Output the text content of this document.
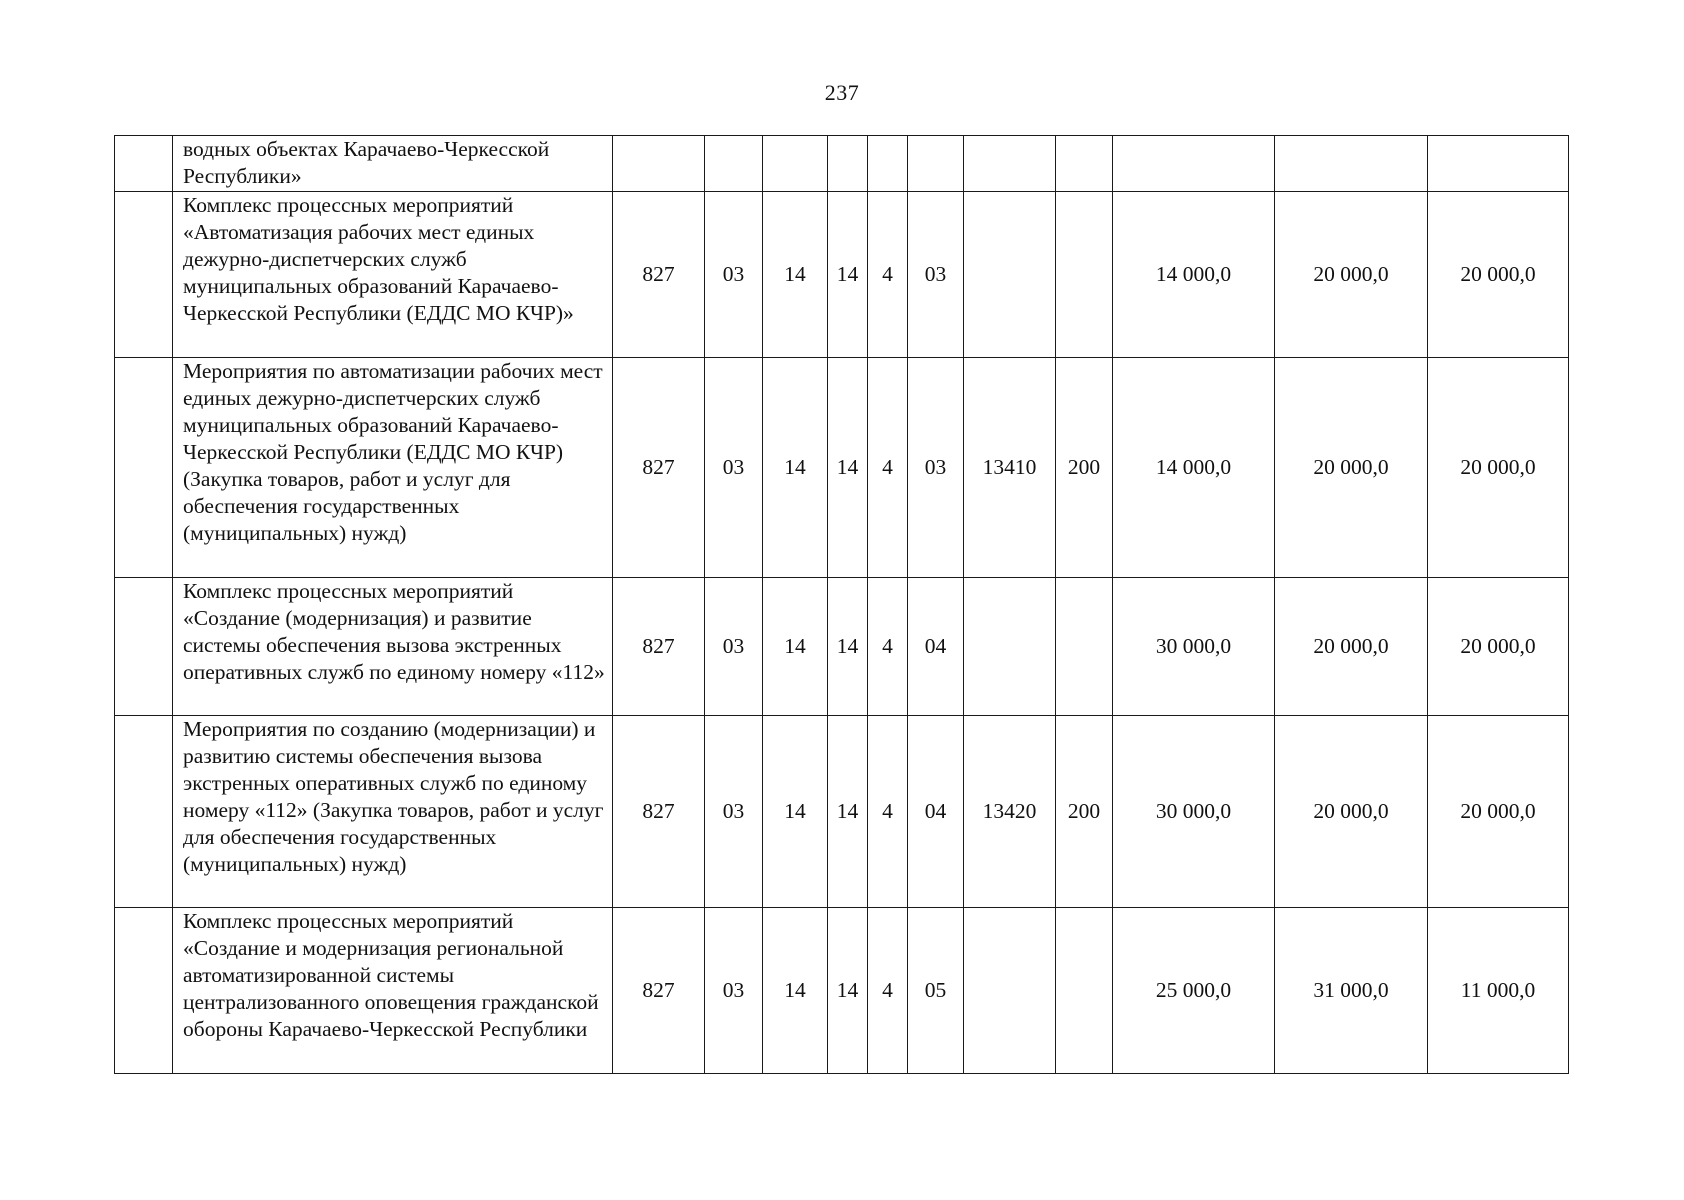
237
	водных объектах Карачаево-Черкесской Республики»											
	Комплекс процессных мероприятий «Автоматизация рабочих мест единых дежурно-диспетчерских служб муниципальных образований Карачаево-Черкесской Республики (ЕДДС МО КЧР)»	827	03	14	14	4	03			14 000,0	20 000,0	20 000,0
	Мероприятия по автоматизации рабочих мест единых дежурно-диспетчерских служб муниципальных образований Карачаево-Черкесской Республики (ЕДДС МО КЧР) (Закупка товаров, работ и услуг для обеспечения государственных (муниципальных) нужд)	827	03	14	14	4	03	13410	200	14 000,0	20 000,0	20 000,0
	Комплекс процессных мероприятий «Создание (модернизация) и развитие системы обеспечения вызова экстренных оперативных служб по единому номеру «112»	827	03	14	14	4	04			30 000,0	20 000,0	20 000,0
	Мероприятия по созданию (модернизации) и развитию системы обеспечения вызова экстренных оперативных служб по единому номеру «112» (Закупка товаров, работ и услуг для обеспечения государственных (муниципальных) нужд)	827	03	14	14	4	04	13420	200	30 000,0	20 000,0	20 000,0
	Комплекс процессных мероприятий «Создание и модернизация региональной автоматизированной системы централизованного оповещения гражданской обороны Карачаево-Черкесской Республики	827	03	14	14	4	05			25 000,0	31 000,0	11 000,0
